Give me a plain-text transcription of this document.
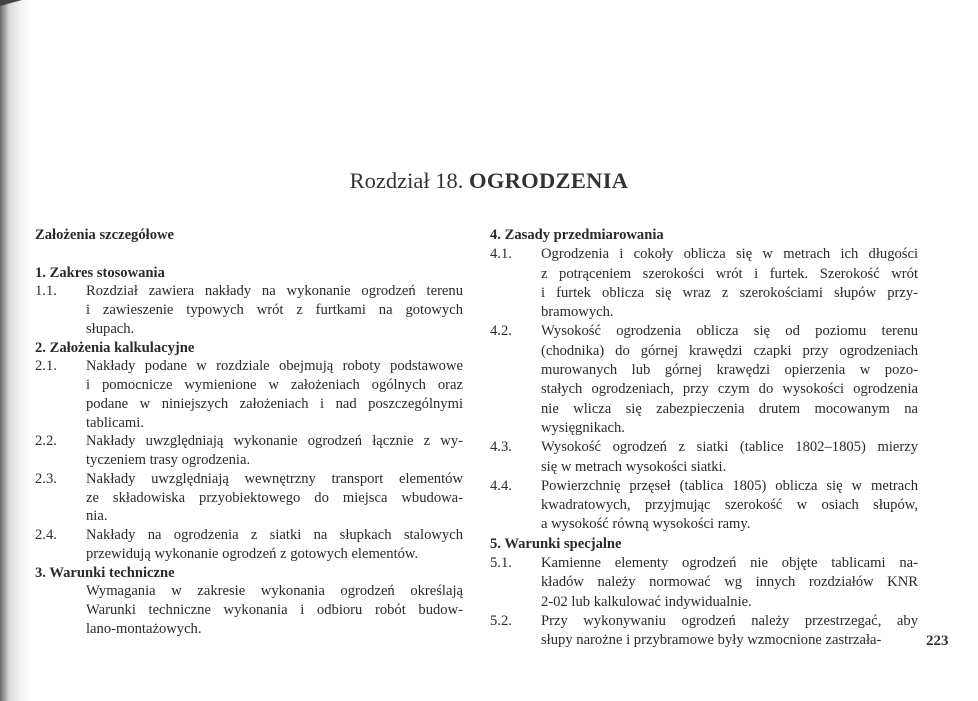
Rozdział 18. OGRODZENIA
Założenia szczegółowe
1. Zakres stosowania
1.1. Rozdział zawiera nakłady na wykonanie ogrodzeń terenu
i zawieszenie typowych wrót z furtkami na gotowych
słupach.
2. Założenia kalkulacyjne
2.1. Nakłady podane w rozdziale obejmują roboty podstawowe
i pomocnicze wymienione w założeniach ogólnych oraz
podane w niniejszych założeniach i nad poszczególnymi
tablicami.
2.2. Nakłady uwzględniają wykonanie ogrodzeń łącznie z wy-
tyczeniem trasy ogrodzenia.
2.3. Nakłady uwzględniają wewnętrzny transport elementów
ze składowiska przyobiektowego do miejsca wbudowa-
nia.
2.4. Nakłady na ogrodzenia z siatki na słupkach stalowych
przewidują wykonanie ogrodzeń z gotowych elementów.
3. Warunki techniczne
Wymagania w zakresie wykonania ogrodzeń określają
Warunki techniczne wykonania i odbioru robót budow-
lano-montażowych.
4. Zasady przedmiarowania
4.1. Ogrodzenia i cokoły oblicza się w metrach ich długości
z potrąceniem szerokości wrót i furtek. Szerokość wrót
i furtek oblicza się wraz z szerokościami słupów przy-
bramowych.
4.2. Wysokość ogrodzenia oblicza się od poziomu terenu
(chodnika) do górnej krawędzi czapki przy ogrodzeniach
murowanych lub górnej krawędzi opierzenia w pozo-
stałych ogrodzeniach, przy czym do wysokości ogrodzenia
nie wlicza się zabezpieczenia drutem mocowanym na
wysięgnikach.
4.3. Wysokość ogrodzeń z siatki (tablice 1802–1805) mierzy
się w metrach wysokości siatki.
4.4. Powierzchnię przęseł (tablica 1805) oblicza się w metrach
kwadratowych, przyjmując szerokość w osiach słupów,
a wysokość równą wysokości ramy.
5. Warunki specjalne
5.1. Kamienne elementy ogrodzeń nie objęte tablicami na-
kładów należy normować wg innych rozdziałów KNR
2-02 lub kalkulować indywidualnie.
5.2. Przy wykonywaniu ogrodzeń należy przestrzegać, aby
słupy narożne i przybramowe były wzmocnione zastrzała-	223
